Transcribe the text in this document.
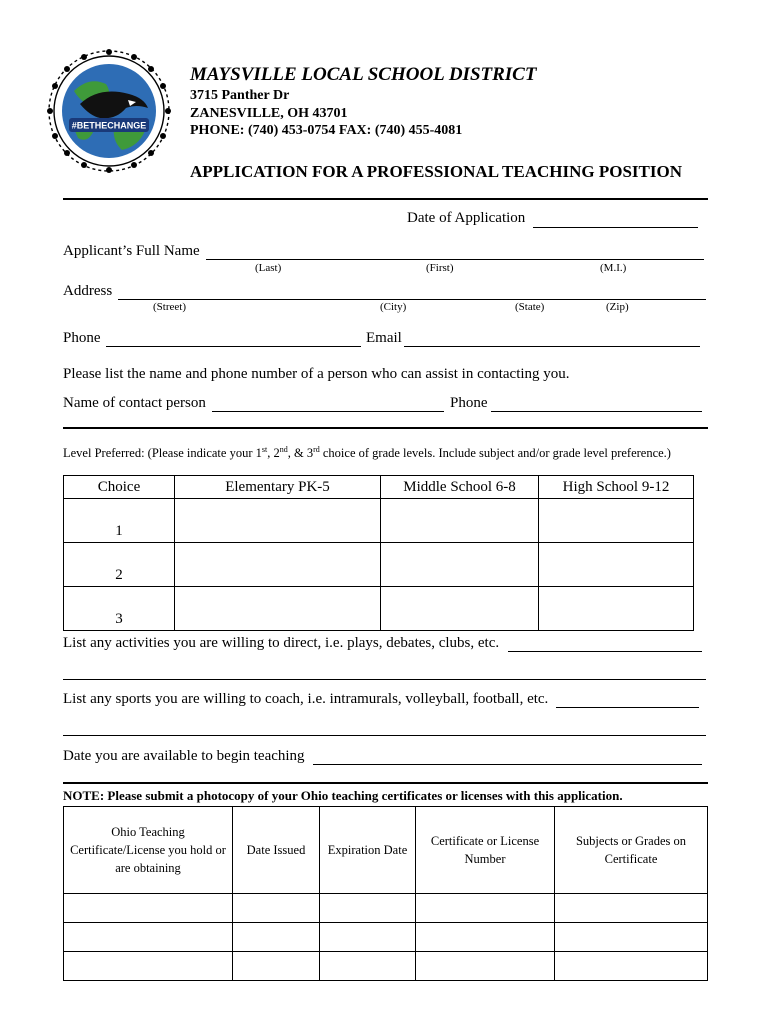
#BETHECHANGE
MAYSVILLE LOCAL SCHOOL DISTRICT
3715 Panther Dr
ZANESVILLE, OH 43701
PHONE: (740) 453-0754 FAX: (740) 455-4081
APPLICATION FOR A PROFESSIONAL TEACHING POSITION
Date of Application
Applicant’s Full Name
(Last)	(First)	(M.I.)
Address
(Street)	(City)	(State)	(Zip)
Phone	Email
Please list the name and phone number of a person who can assist in contacting you.
Name of contact person	Phone
Level Preferred: (Please indicate your 1st, 2nd, & 3rd choice of grade levels. Include subject and/or grade level preference.)
Choice	Elementary PK-5	Middle School 6-8	High School 9-12
1			
2			
3			
List any activities you are willing to direct, i.e. plays, debates, clubs, etc.
List any sports you are willing to coach, i.e. intramurals, volleyball, football, etc.
Date you are available to begin teaching
NOTE: Please submit a photocopy of your Ohio teaching certificates or licenses with this application.
Ohio Teaching Certificate/License you hold or are obtaining	Date Issued	Expiration Date	Certificate or License Number	Subjects or Grades on Certificate
